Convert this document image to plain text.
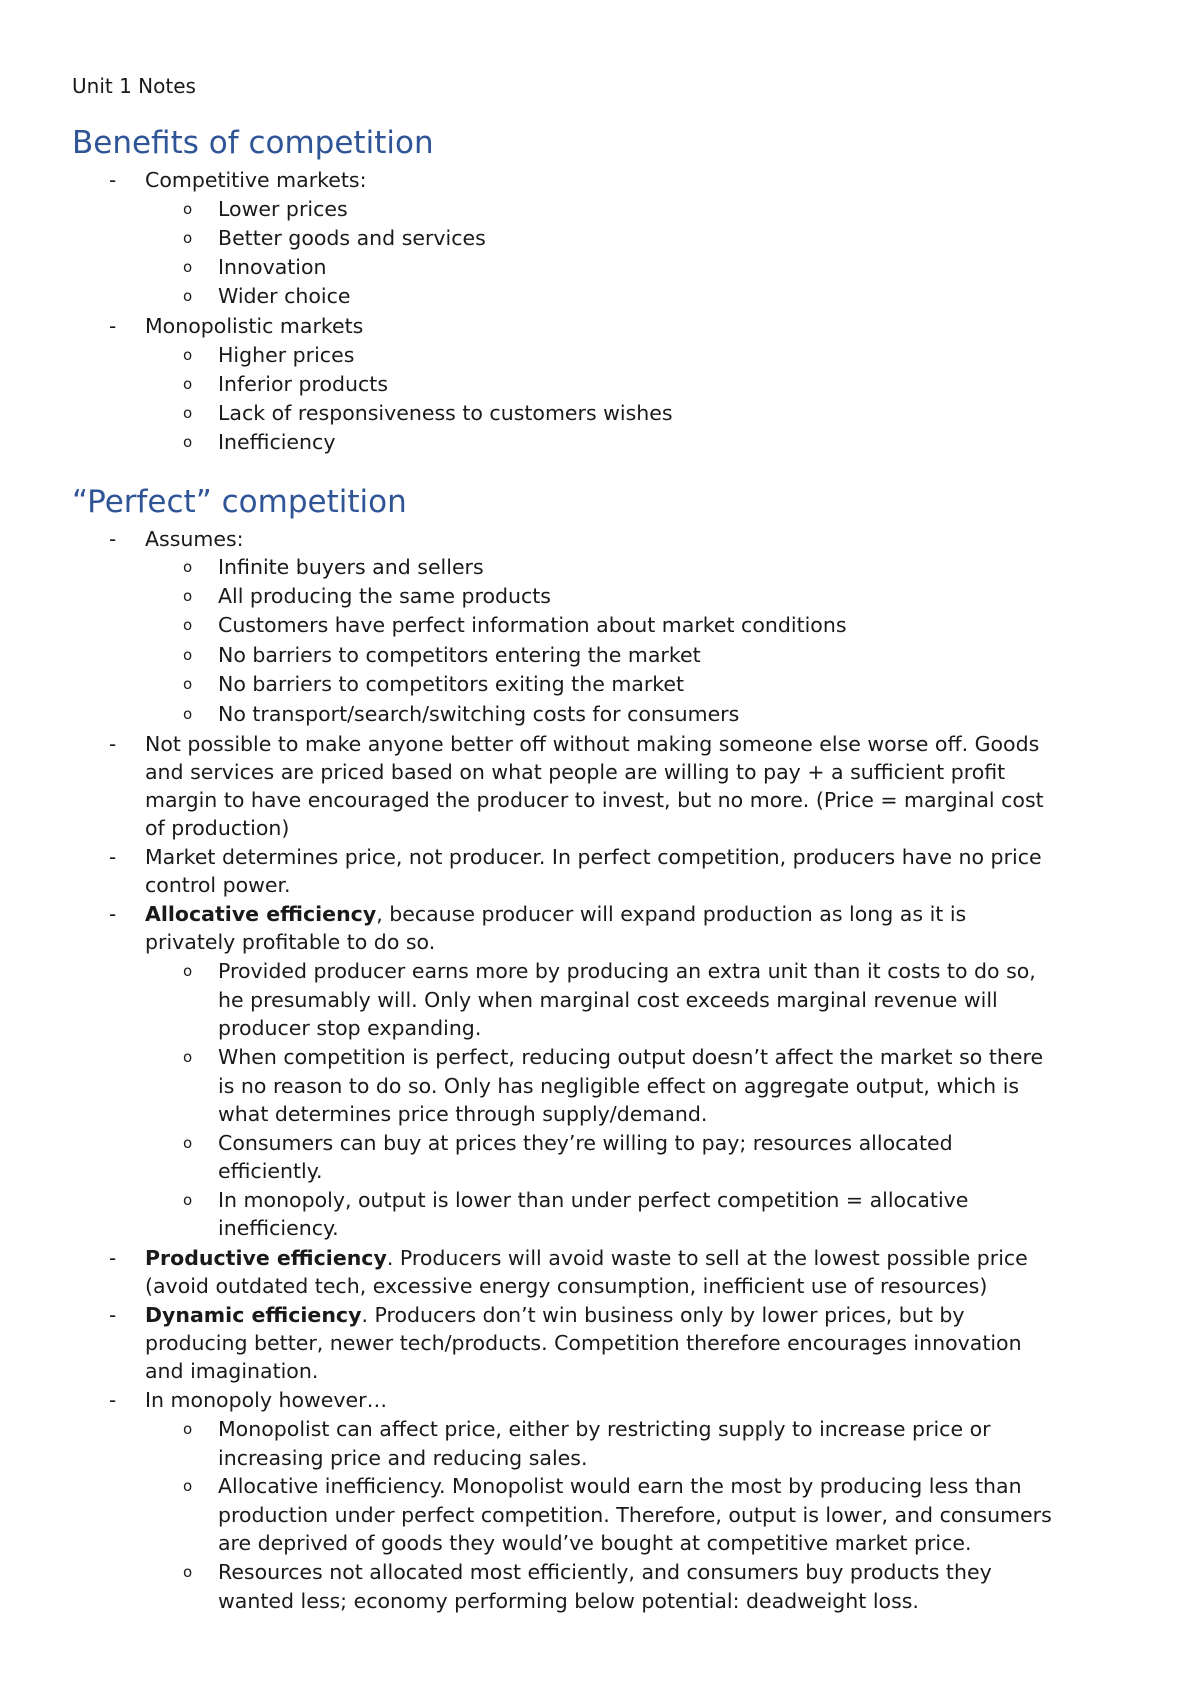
Unit 1 Notes
Benefits of competition
- Competitive markets:
o Lower prices
o Better goods and services
o Innovation
o Wider choice
- Monopolistic markets
o Higher prices
o Inferior products
o Lack of responsiveness to customers wishes
o Inefficiency
“Perfect” competition
- Assumes:
o Infinite buyers and sellers
o All producing the same products
o Customers have perfect information about market conditions
o No barriers to competitors entering the market
o No barriers to competitors exiting the market
o No transport/search/switching costs for consumers
- Not possible to make anyone better off without making someone else worse off. Goods
and services are priced based on what people are willing to pay + a sufficient profit
margin to have encouraged the producer to invest, but no more. (Price = marginal cost
of production)
- Market determines price, not producer. In perfect competition, producers have no price
control power.
- Allocative efficiency, because producer will expand production as long as it is
privately profitable to do so.
o Provided producer earns more by producing an extra unit than it costs to do so,
he presumably will. Only when marginal cost exceeds marginal revenue will
producer stop expanding.
o When competition is perfect, reducing output doesn’t affect the market so there
is no reason to do so. Only has negligible effect on aggregate output, which is
what determines price through supply/demand.
o Consumers can buy at prices they’re willing to pay; resources allocated
efficiently.
o In monopoly, output is lower than under perfect competition = allocative
inefficiency.
- Productive efficiency. Producers will avoid waste to sell at the lowest possible price
(avoid outdated tech, excessive energy consumption, inefficient use of resources)
- Dynamic efficiency. Producers don’t win business only by lower prices, but by
producing better, newer tech/products. Competition therefore encourages innovation
and imagination.
- In monopoly however…
o Monopolist can affect price, either by restricting supply to increase price or
increasing price and reducing sales.
o Allocative inefficiency. Monopolist would earn the most by producing less than
production under perfect competition. Therefore, output is lower, and consumers
are deprived of goods they would’ve bought at competitive market price.
o Resources not allocated most efficiently, and consumers buy products they
wanted less; economy performing below potential: deadweight loss.
